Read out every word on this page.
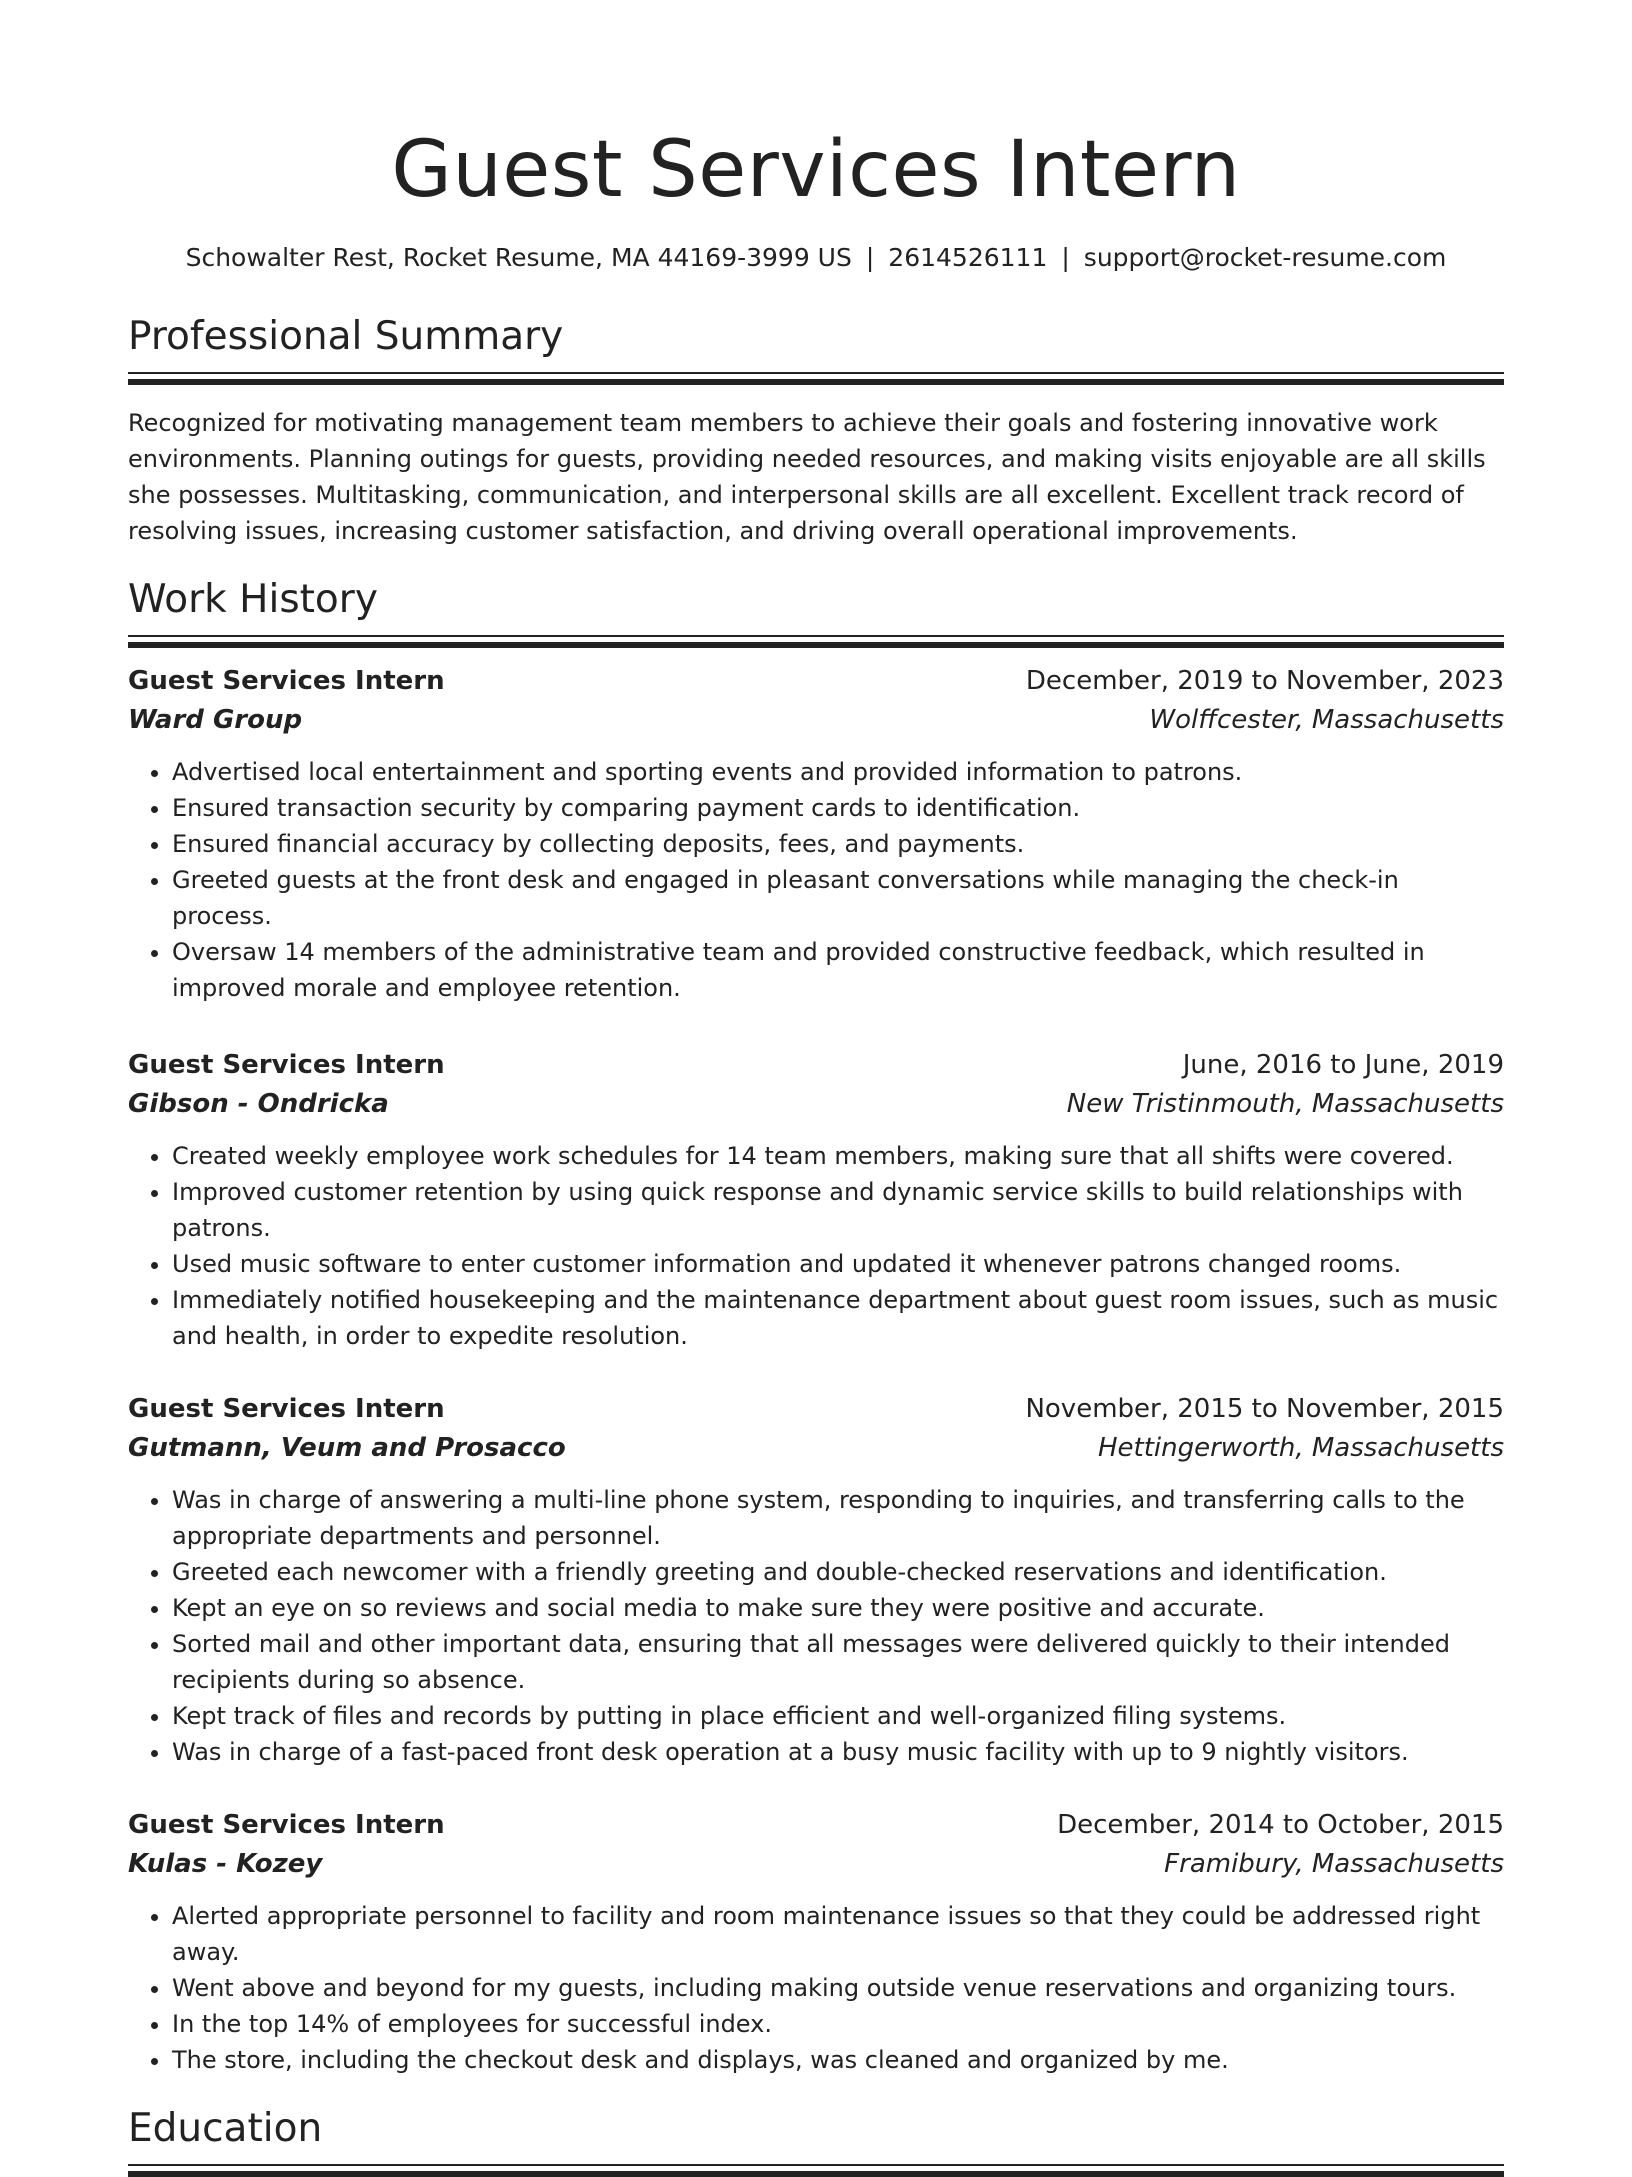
Guest Services Intern
Schowalter Rest, Rocket Resume, MA 44169-3999 US | 2614526111 | support@rocket-resume.com
Professional Summary
Recognized for motivating management team members to achieve their goals and fostering innovative work environments. Planning outings for guests, providing needed resources, and making visits enjoyable are all skills she possesses. Multitasking, communication, and interpersonal skills are all excellent. Excellent track record of resolving issues, increasing customer satisfaction, and driving overall operational improvements.
Work History
Guest Services Intern	December, 2019 to November, 2023
Ward Group	Wolffcester, Massachusetts
• Advertised local entertainment and sporting events and provided information to patrons.
• Ensured transaction security by comparing payment cards to identification.
• Ensured financial accuracy by collecting deposits, fees, and payments.
• Greeted guests at the front desk and engaged in pleasant conversations while managing the check-in process.
• Oversaw 14 members of the administrative team and provided constructive feedback, which resulted in improved morale and employee retention.
Guest Services Intern	June, 2016 to June, 2019
Gibson - Ondricka	New Tristinmouth, Massachusetts
• Created weekly employee work schedules for 14 team members, making sure that all shifts were covered.
• Improved customer retention by using quick response and dynamic service skills to build relationships with patrons.
• Used music software to enter customer information and updated it whenever patrons changed rooms.
• Immediately notified housekeeping and the maintenance department about guest room issues, such as music and health, in order to expedite resolution.
Guest Services Intern	November, 2015 to November, 2015
Gutmann, Veum and Prosacco	Hettingerworth, Massachusetts
• Was in charge of answering a multi-line phone system, responding to inquiries, and transferring calls to the appropriate departments and personnel.
• Greeted each newcomer with a friendly greeting and double-checked reservations and identification.
• Kept an eye on so reviews and social media to make sure they were positive and accurate.
• Sorted mail and other important data, ensuring that all messages were delivered quickly to their intended recipients during so absence.
• Kept track of files and records by putting in place efficient and well-organized filing systems.
• Was in charge of a fast-paced front desk operation at a busy music facility with up to 9 nightly visitors.
Guest Services Intern	December, 2014 to October, 2015
Kulas - Kozey	Framibury, Massachusetts
• Alerted appropriate personnel to facility and room maintenance issues so that they could be addressed right away.
• Went above and beyond for my guests, including making outside venue reservations and organizing tours.
• In the top 14% of employees for successful index.
• The store, including the checkout desk and displays, was cleaned and organized by me.
Education
